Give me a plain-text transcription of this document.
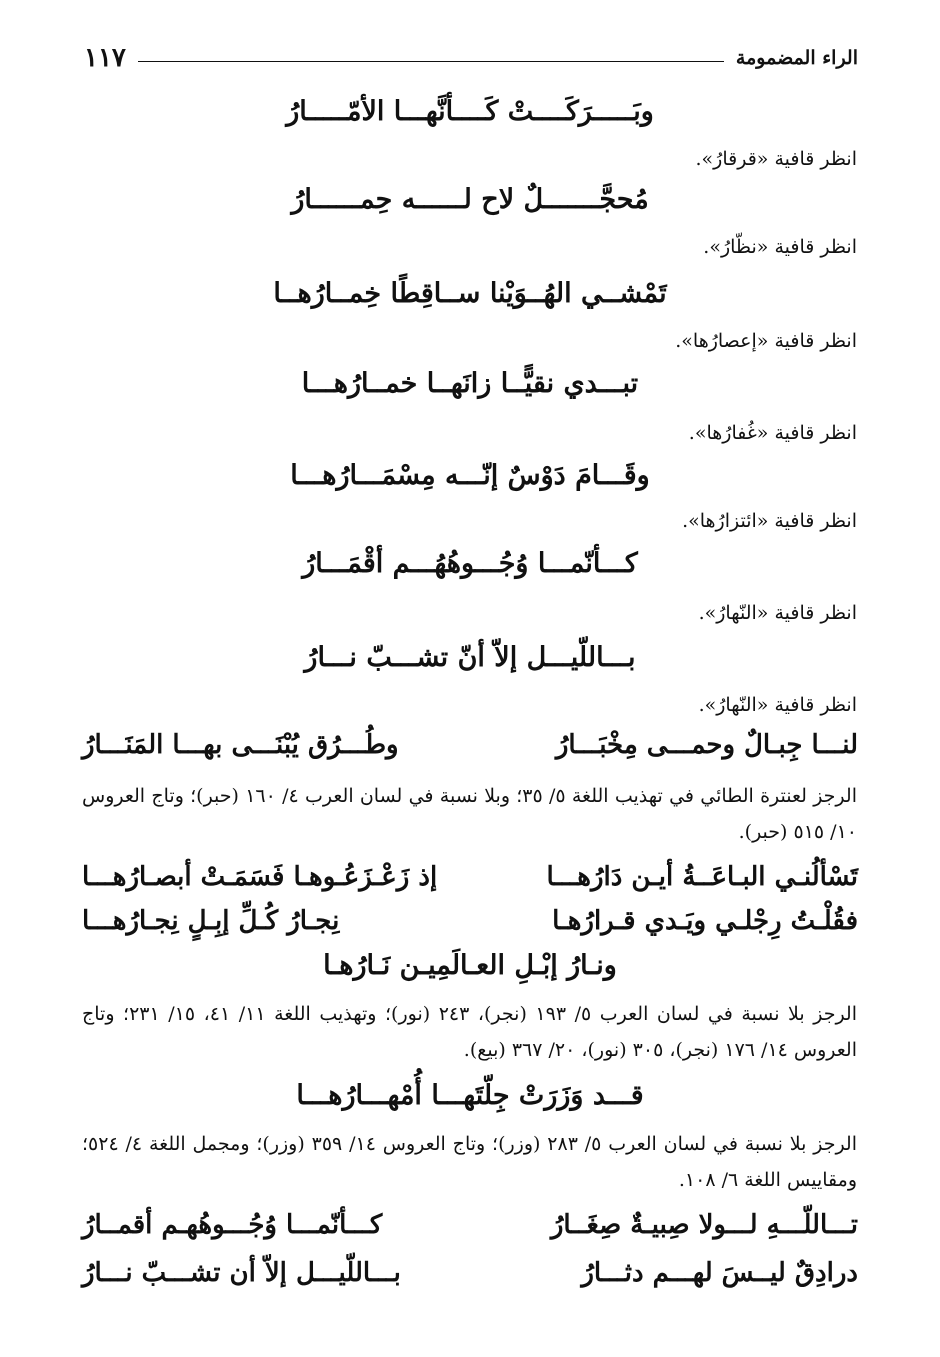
الراء المضمومة
١١٧
وبَـــــرَكَــــتْ كَــــأنَّهـــا الأمّـــــارُ
انظر قافية «قرقارُ».
مُحجَّـــــــلٌ لاح لــــــه حِمــــــارُ
انظر قافية «نظّارُ».
تَمْشــي الهُــوَيْنا ســاقِطًا خِمــارُهــا
انظر قافية «إعصارُها».
تبـــدي نقيًّــا زانَهــا خمــارُهـــا
انظر قافية «غُفارُها».
وقَـــامَ دَوْسٌ إنّـــه مِسْمَـــارُهـــا
انظر قافية «ائتزارُها».
كـــأنّمـــا وُجُـــوهُهُـــم أقْمَـــارُ
انظر قافية «النّهارُ».
بـــاللّيـــل إلاّ أنّ تشـــبّ نـــارُ
انظر قافية «النّهارُ».
لنـــا جِبـالٌ وحمـــى مِخْبَـــارُ
وطُـــرُق يُبْنَـــى بهـــا المَنَـــارُ
الرجز لعنترة الطائي في تهذيب اللغة ٥/ ٣٥؛ وبلا نسبة في لسان العرب ٤/ ١٦٠ (حبر)؛ وتاج العروس ١٠/ ٥١٥ (حبر).
تَسْألُنـي البـاعَــةُ أيـن دَارُهـــا
إذ زَعْـزَعُـوهـا فَسَمَـتْ أبصـارُهـــا
فقُلْـتُ رِجْلـي ويَـدي قـرارُهـا
نِجـارُ كُـلِّ إبِـلٍ نِجـارُهـــا
ونـارُ إبْـلِ العـالَمِيـن نَـارُهـا
الرجز بلا نسبة في لسان العرب ٥/ ١٩٣ (نجر)، ٢٤٣ (نور)؛ وتهذيب اللغة ١١/ ٤١، ١٥/ ٢٣١؛ وتاج العروس ١٤/ ١٧٦ (نجر)، ٣٠٥ (نور)، ٢٠/ ٣٦٧ (بيع).
قـــد وَزَرَتْ جِلّتَهـــا أُمْهـــارُهـــا
الرجز بلا نسبة في لسان العرب ٥/ ٢٨٣ (وزر)؛ وتاج العروس ١٤/ ٣٥٩ (وزر)؛ ومجمل اللغة ٤/ ٥٢٤؛ ومقاييس اللغة ٦/ ١٠٨.
تـــاللّـــهِ لـــولا صِبيـةٌ صِغَــارُ
كـــأنّمـــا وُجُـــوهُهـم أقمــارُ
درادِقٌ ليــسَ لهـــم دثـــارُ
بـــاللّيـــل إلاّ أن تشـــبّ نـــارُ
